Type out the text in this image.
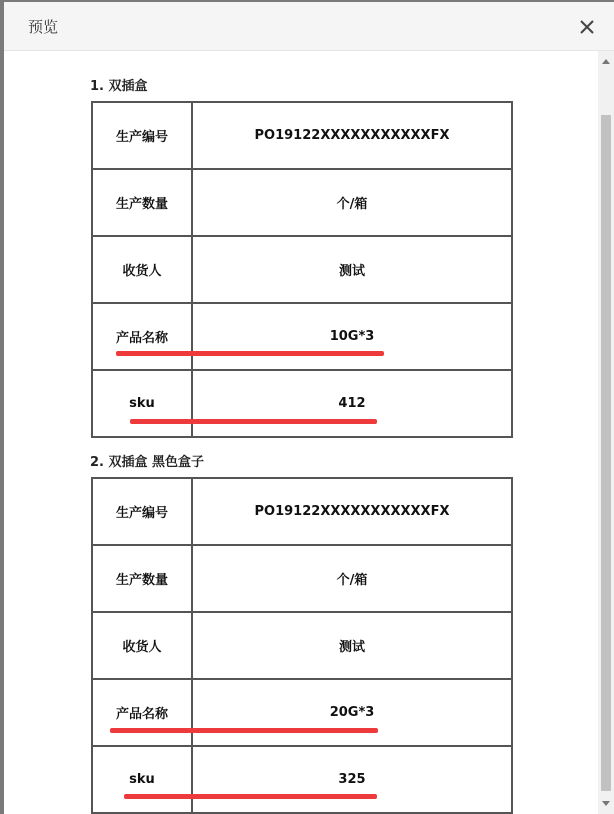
预览
1. 双插盒
生产编号	PO19122XXXXXXXXXXXFX
生产数量	个/箱
收货人	测试
产品名称	10G*3
sku	412
2. 双插盒 黑色盒子
生产编号	PO19122XXXXXXXXXXXFX
生产数量	个/箱
收货人	测试
产品名称	20G*3
sku	325
